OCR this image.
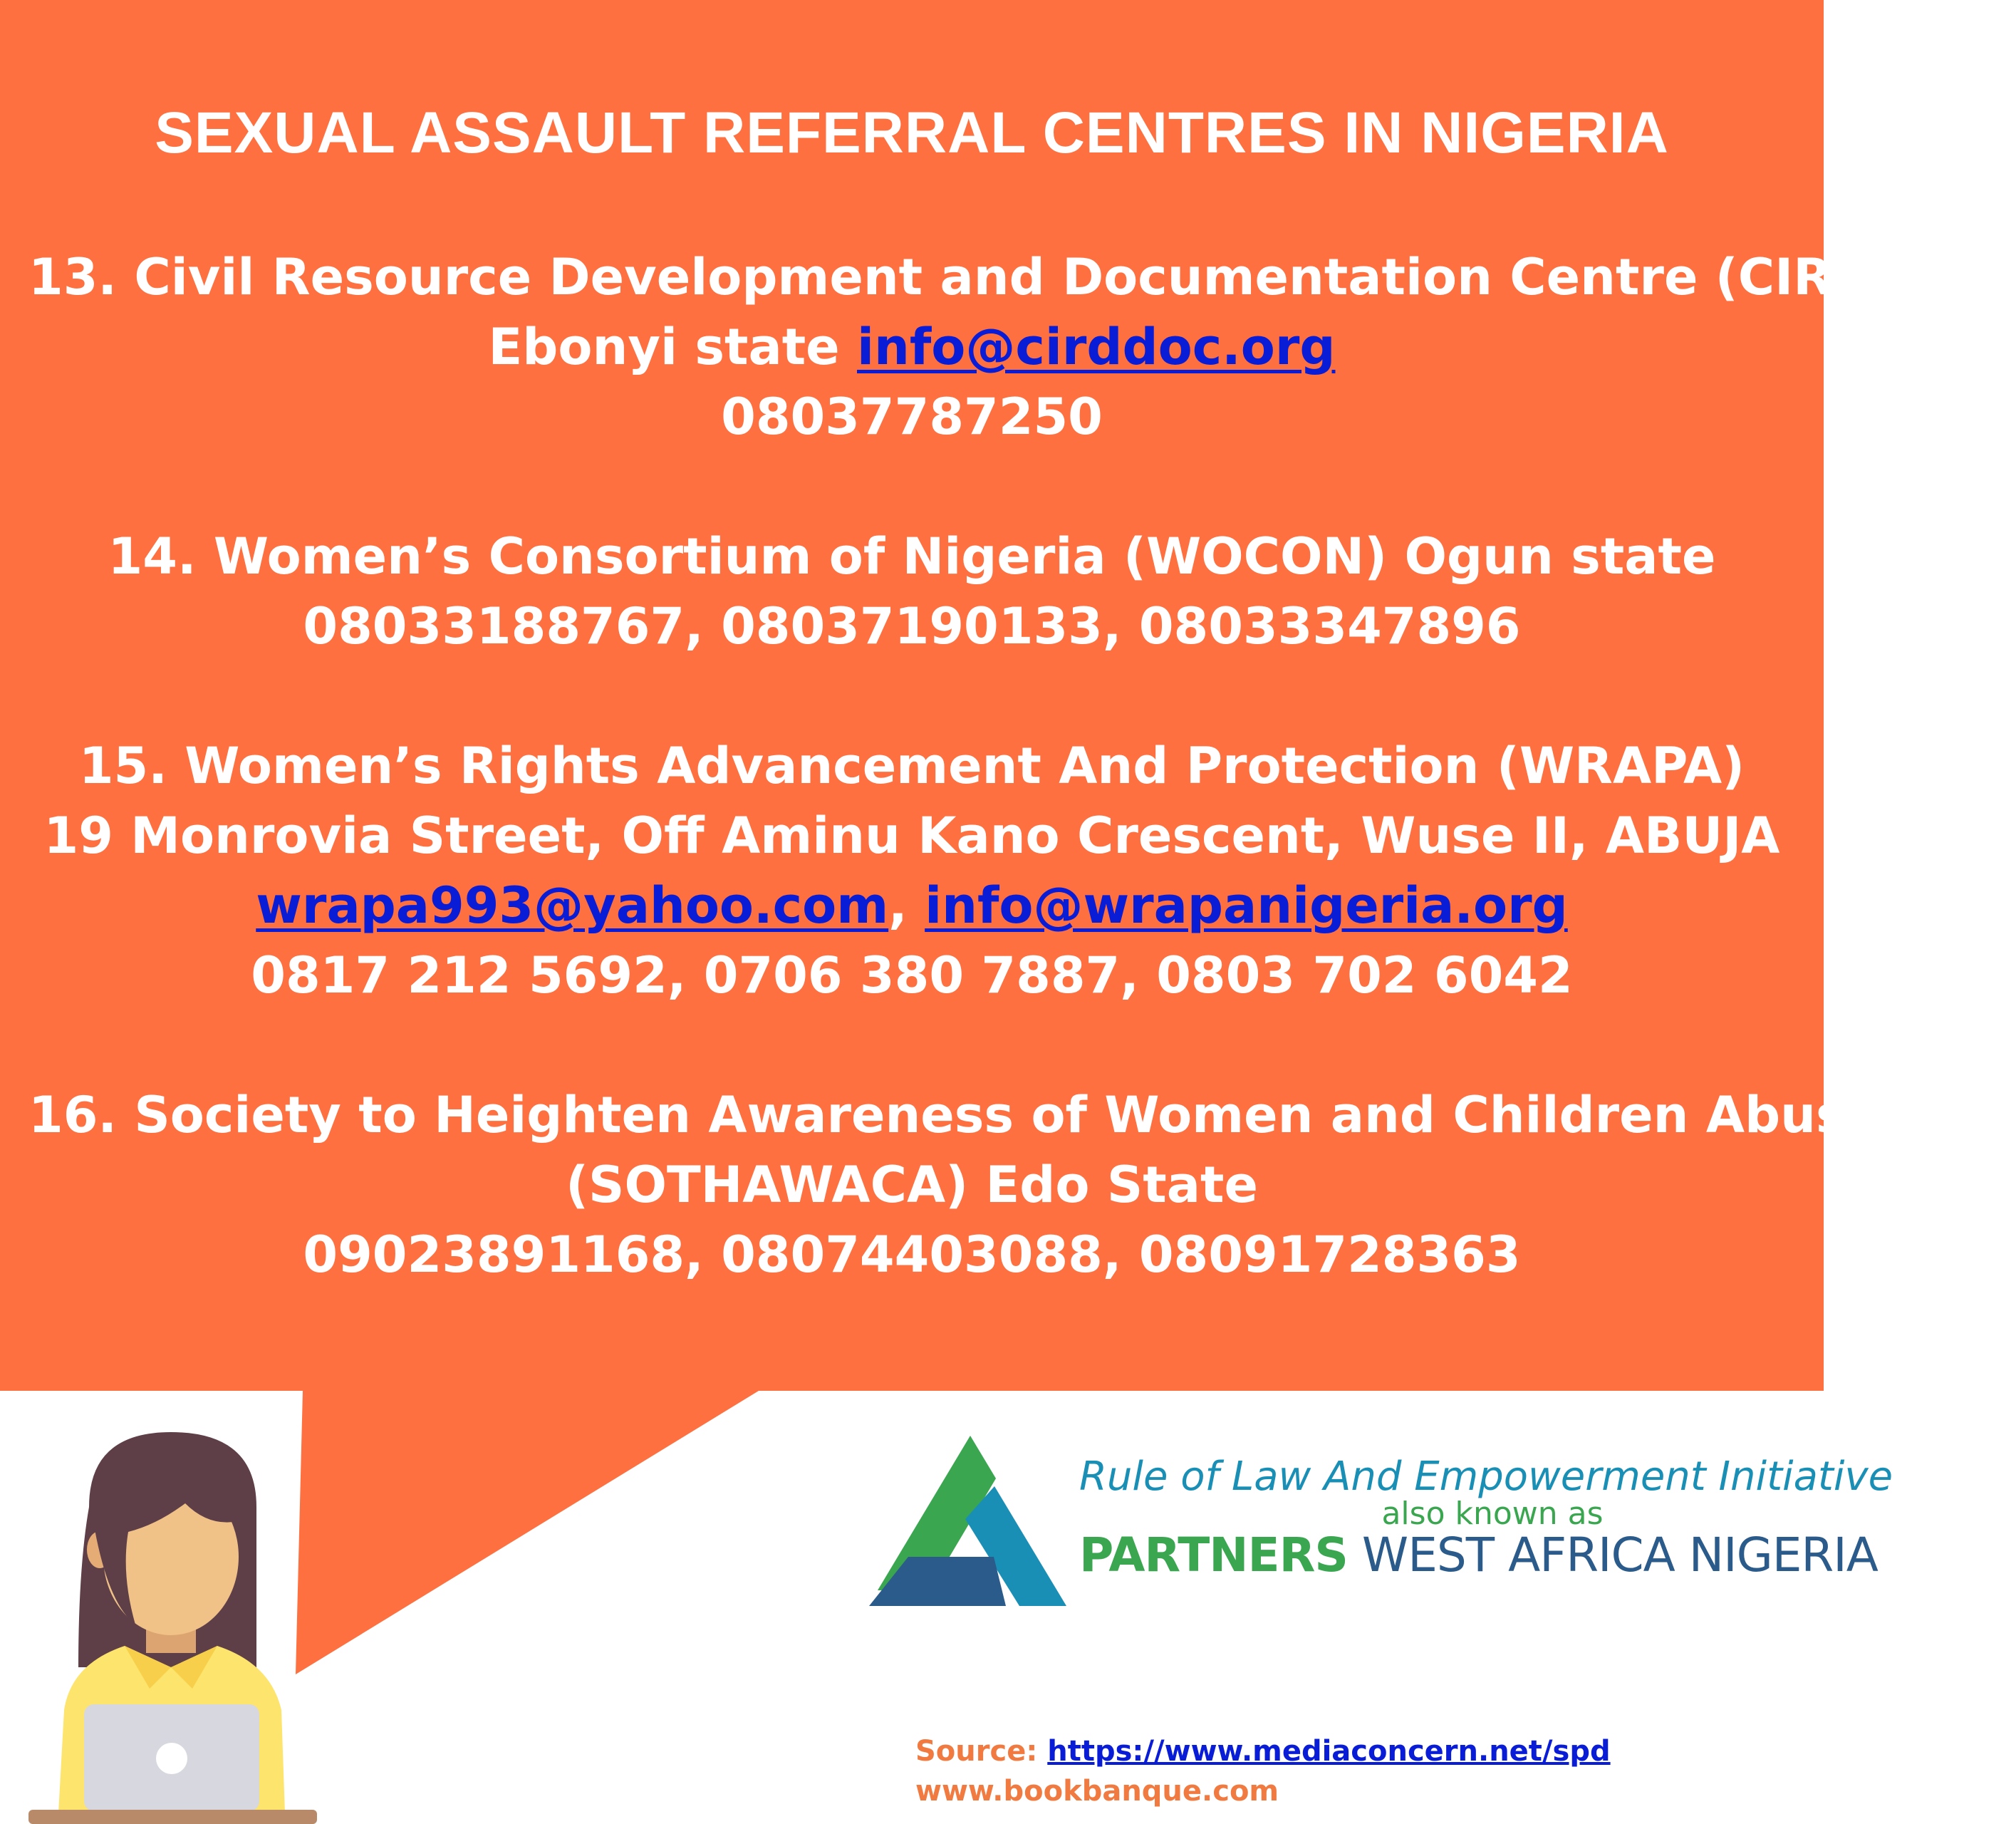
SEXUAL ASSAULT REFERRAL CENTRES IN NIGERIA
13. Civil Resource Development and Documentation Centre (CIRDDOC)
Ebonyi state info@cirddoc.org
08037787250
14. Women’s Consortium of Nigeria (WOCON) Ogun state
08033188767, 08037190133, 08033347896
15. Women’s Rights Advancement And Protection (WRAPA)
19 Monrovia Street, Off Aminu Kano Crescent, Wuse II, ABUJA
wrapa993@yahoo.com, info@wrapanigeria.org
0817 212 5692, 0706 380 7887, 0803 702 6042
16. Society to Heighten Awareness of Women and Children Abuse
(SOTHAWACA) Edo State
09023891168, 08074403088, 08091728363
Rule of Law And Empowerment Initiative
also known as
PARTNERS WEST AFRICA NIGERIA
Source: https://www.mediaconcern.net/spd
www.bookbanque.com
